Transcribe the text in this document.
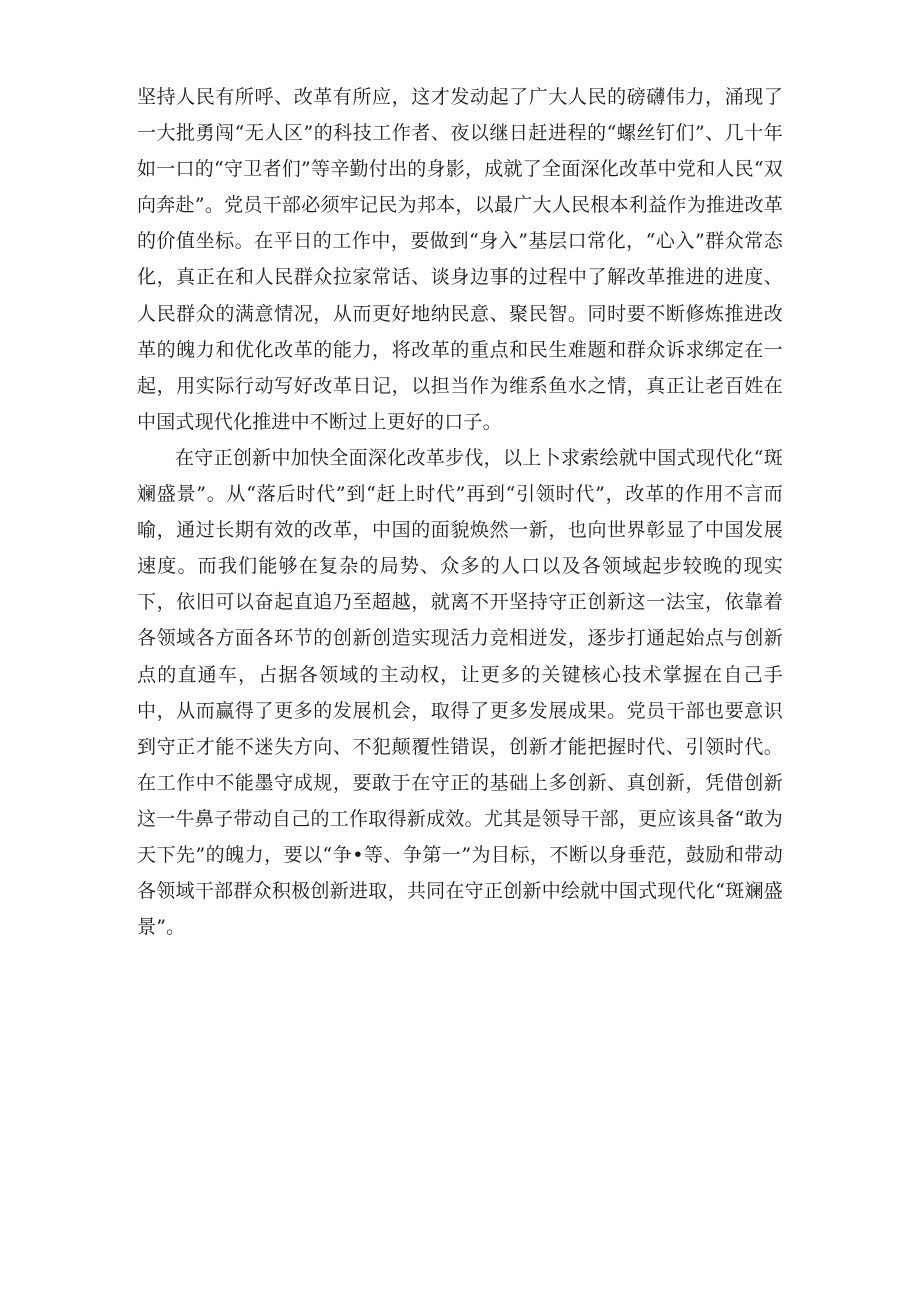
坚持人民有所呼、改革有所应，这才发动起了广大人民的磅礴伟力，涌现了一大批勇闯“无人区”的科技工作者、夜以继日赶进程的“螺丝钉们”、几十年如一口的“守卫者们”等辛勤付出的身影，成就了全面深化改革中党和人民“双向奔赴”。党员干部必须牢记民为邦本，以最广大人民根本利益作为推进改革的价值坐标。在平日的工作中，要做到“身入”基层口常化，“心入”群众常态化，真正在和人民群众拉家常话、谈身边事的过程中了解改革推进的进度、人民群众的满意情况，从而更好地纳民意、聚民智。同时要不断修炼推进改革的魄力和优化改革的能力，将改革的重点和民生难题和群众诉求绑定在一起，用实际行动写好改革日记，以担当作为维系鱼水之情，真正让老百姓在中国式现代化推进中不断过上更好的口子。

在守正创新中加快全面深化改革步伐，以上卜求索绘就中国式现代化“斑斓盛景”。从“落后时代”到“赶上时代”再到“引领时代”，改革的作用不言而喻，通过长期有效的改革，中国的面貌焕然一新，也向世界彰显了中国发展速度。而我们能够在复杂的局势、众多的人口以及各领域起步较晚的现实下，依旧可以奋起直追乃至超越，就离不开坚持守正创新这一法宝，依靠着各领域各方面各环节的创新创造实现活力竞相迸发，逐步打通起始点与创新点的直通车，占据各领域的主动权，让更多的关键核心技术掌握在自己手中，从而赢得了更多的发展机会，取得了更多发展成果。党员干部也要意识到守正才能不迷失方向、不犯颠覆性错误，创新才能把握时代、引领时代。在工作中不能墨守成规，要敢于在守正的基础上多创新、真创新，凭借创新这一牛鼻子带动自己的工作取得新成效。尤其是领导干部，更应该具备“敢为天下先”的魄力，要以“争•等、争第一”为目标，不断以身垂范，鼓励和带动各领域干部群众积极创新进取，共同在守正创新中绘就中国式现代化“斑斓盛景”。
